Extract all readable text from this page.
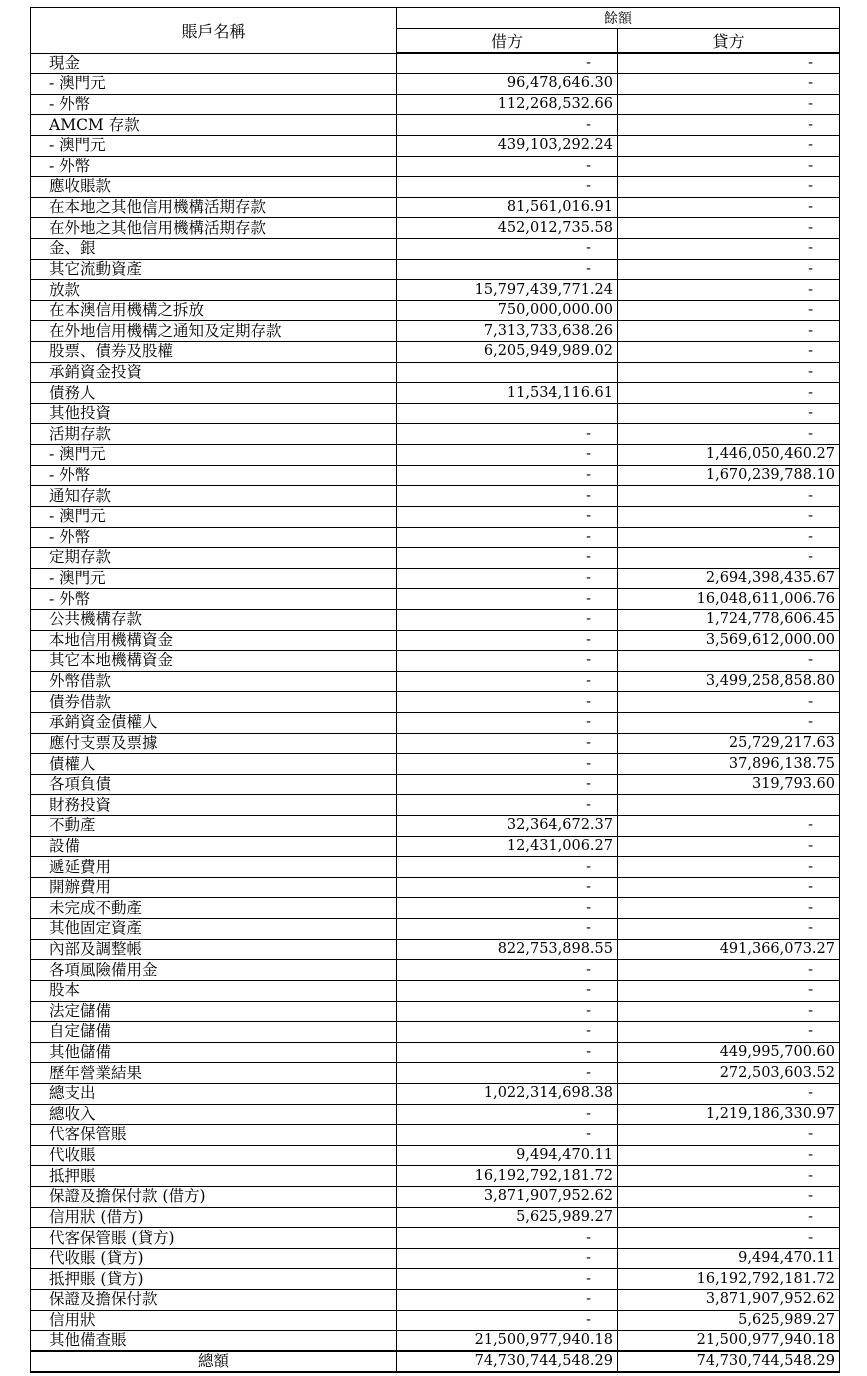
賬戶名稱	餘額	
	借方	貸方
現金	-	-
- 澳門元	96,478,646.30	-
- 外幣	112,268,532.66	-
AMCM 存款	-	-
- 澳門元	439,103,292.24	-
- 外幣	-	-
應收賬款	-	-
在本地之其他信用機構活期存款	81,561,016.91	-
在外地之其他信用機構活期存款	452,012,735.58	-
金、銀	-	-
其它流動資產	-	-
放款	15,797,439,771.24	-
在本澳信用機構之拆放	750,000,000.00	-
在外地信用機構之通知及定期存款	7,313,733,638.26	-
股票、債券及股權	6,205,949,989.02	-
承銷資金投資		-
債務人	11,534,116.61	-
其他投資		-
活期存款	-	-
- 澳門元	-	1,446,050,460.27
- 外幣	-	1,670,239,788.10
通知存款	-	-
- 澳門元	-	-
- 外幣	-	-
定期存款	-	-
- 澳門元	-	2,694,398,435.67
- 外幣	-	16,048,611,006.76
公共機構存款	-	1,724,778,606.45
本地信用機構資金	-	3,569,612,000.00
其它本地機構資金	-	-
外幣借款	-	3,499,258,858.80
債券借款	-	-
承銷資金債權人	-	-
應付支票及票據	-	25,729,217.63
債權人	-	37,896,138.75
各項負債	-	319,793.60
財務投資	-	
不動產	32,364,672.37	-
設備	12,431,006.27	-
遞延費用	-	-
開辦費用	-	-
未完成不動產	-	-
其他固定資產	-	-
內部及調整帳	822,753,898.55	491,366,073.27
各項風險備用金	-	-
股本	-	-
法定儲備	-	-
自定儲備	-	-
其他儲備	-	449,995,700.60
歷年營業結果	-	272,503,603.52
總支出	1,022,314,698.38	-
總收入	-	1,219,186,330.97
代客保管賬	-	-
代收賬	9,494,470.11	-
抵押賬	16,192,792,181.72	-
保證及擔保付款 (借方)	3,871,907,952.62	-
信用狀 (借方)	5,625,989.27	-
代客保管賬 (貸方)	-	-
代收賬 (貸方)	-	9,494,470.11
抵押賬 (貸方)	-	16,192,792,181.72
保證及擔保付款	-	3,871,907,952.62
信用狀	-	5,625,989.27
其他備查賬	21,500,977,940.18	21,500,977,940.18
總額	74,730,744,548.29	74,730,744,548.29
